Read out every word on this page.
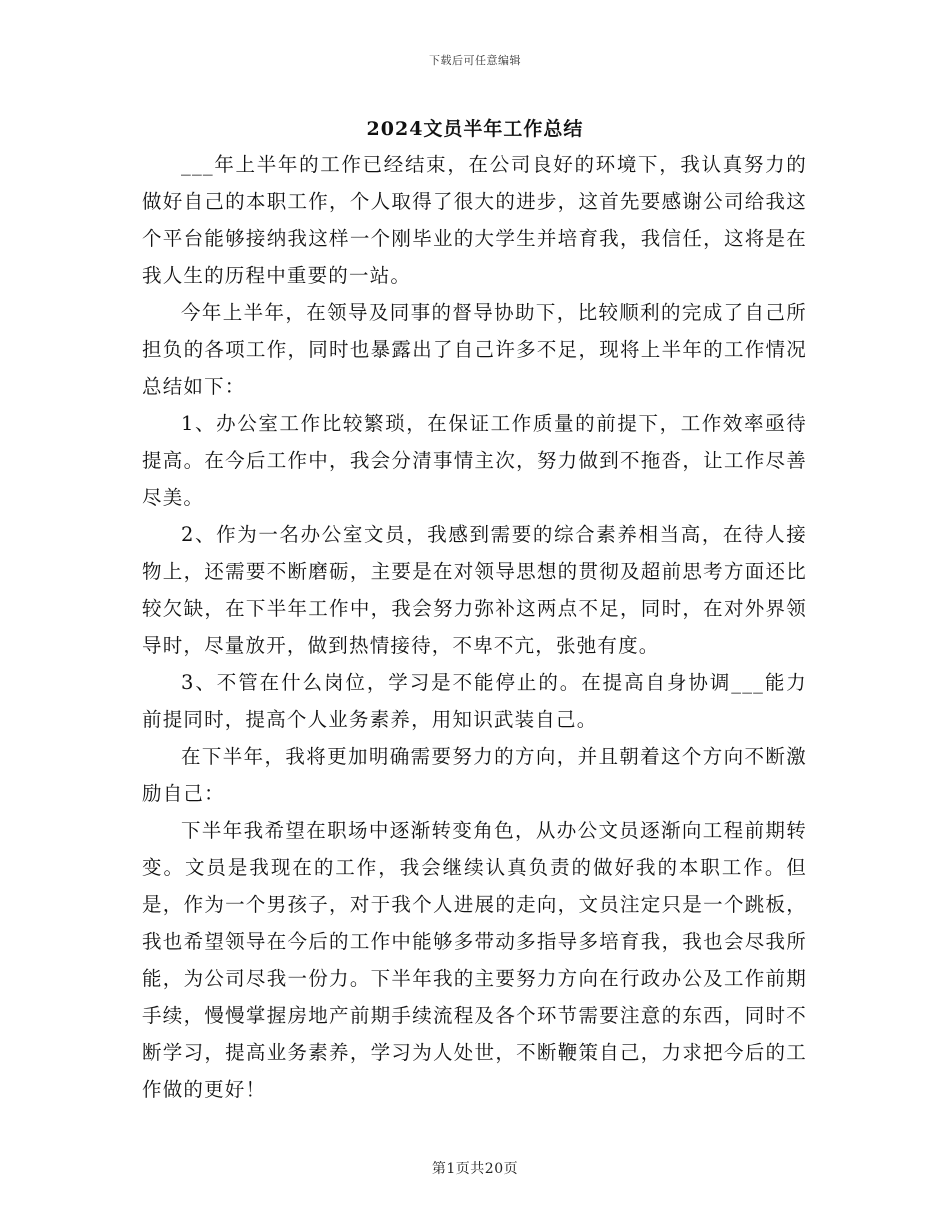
下载后可任意编辑
2024文员半年工作总结

___年上半年的工作已经结束，在公司良好的环境下，我认真努力的做好自己的本职工作，个人取得了很大的进步，这首先要感谢公司给我这个平台能够接纳我这样一个刚毕业的大学生并培育我，我信任，这将是在我人生的历程中重要的一站。

今年上半年，在领导及同事的督导协助下，比较顺利的完成了自己所担负的各项工作，同时也暴露出了自己许多不足，现将上半年的工作情况总结如下：

1、办公室工作比较繁琐，在保证工作质量的前提下，工作效率亟待提高。在今后工作中，我会分清事情主次，努力做到不拖沓，让工作尽善尽美。

2、作为一名办公室文员，我感到需要的综合素养相当高，在待人接物上，还需要不断磨砺，主要是在对领导思想的贯彻及超前思考方面还比较欠缺，在下半年工作中，我会努力弥补这两点不足，同时，在对外界领导时，尽量放开，做到热情接待，不卑不亢，张弛有度。

3、不管在什么岗位，学习是不能停止的。在提高自身协调___能力前提同时，提高个人业务素养，用知识武装自己。

在下半年，我将更加明确需要努力的方向，并且朝着这个方向不断激励自己：

下半年我希望在职场中逐渐转变角色，从办公文员逐渐向工程前期转变。文员是我现在的工作，我会继续认真负责的做好我的本职工作。但是，作为一个男孩子，对于我个人进展的走向，文员注定只是一个跳板，我也希望领导在今后的工作中能够多带动多指导多培育我，我也会尽我所能，为公司尽我一份力。下半年我的主要努力方向在行政办公及工作前期手续，慢慢掌握房地产前期手续流程及各个环节需要注意的东西，同时不断学习，提高业务素养，学习为人处世，不断鞭策自己，力求把今后的工作做的更好！

第1页共20页
